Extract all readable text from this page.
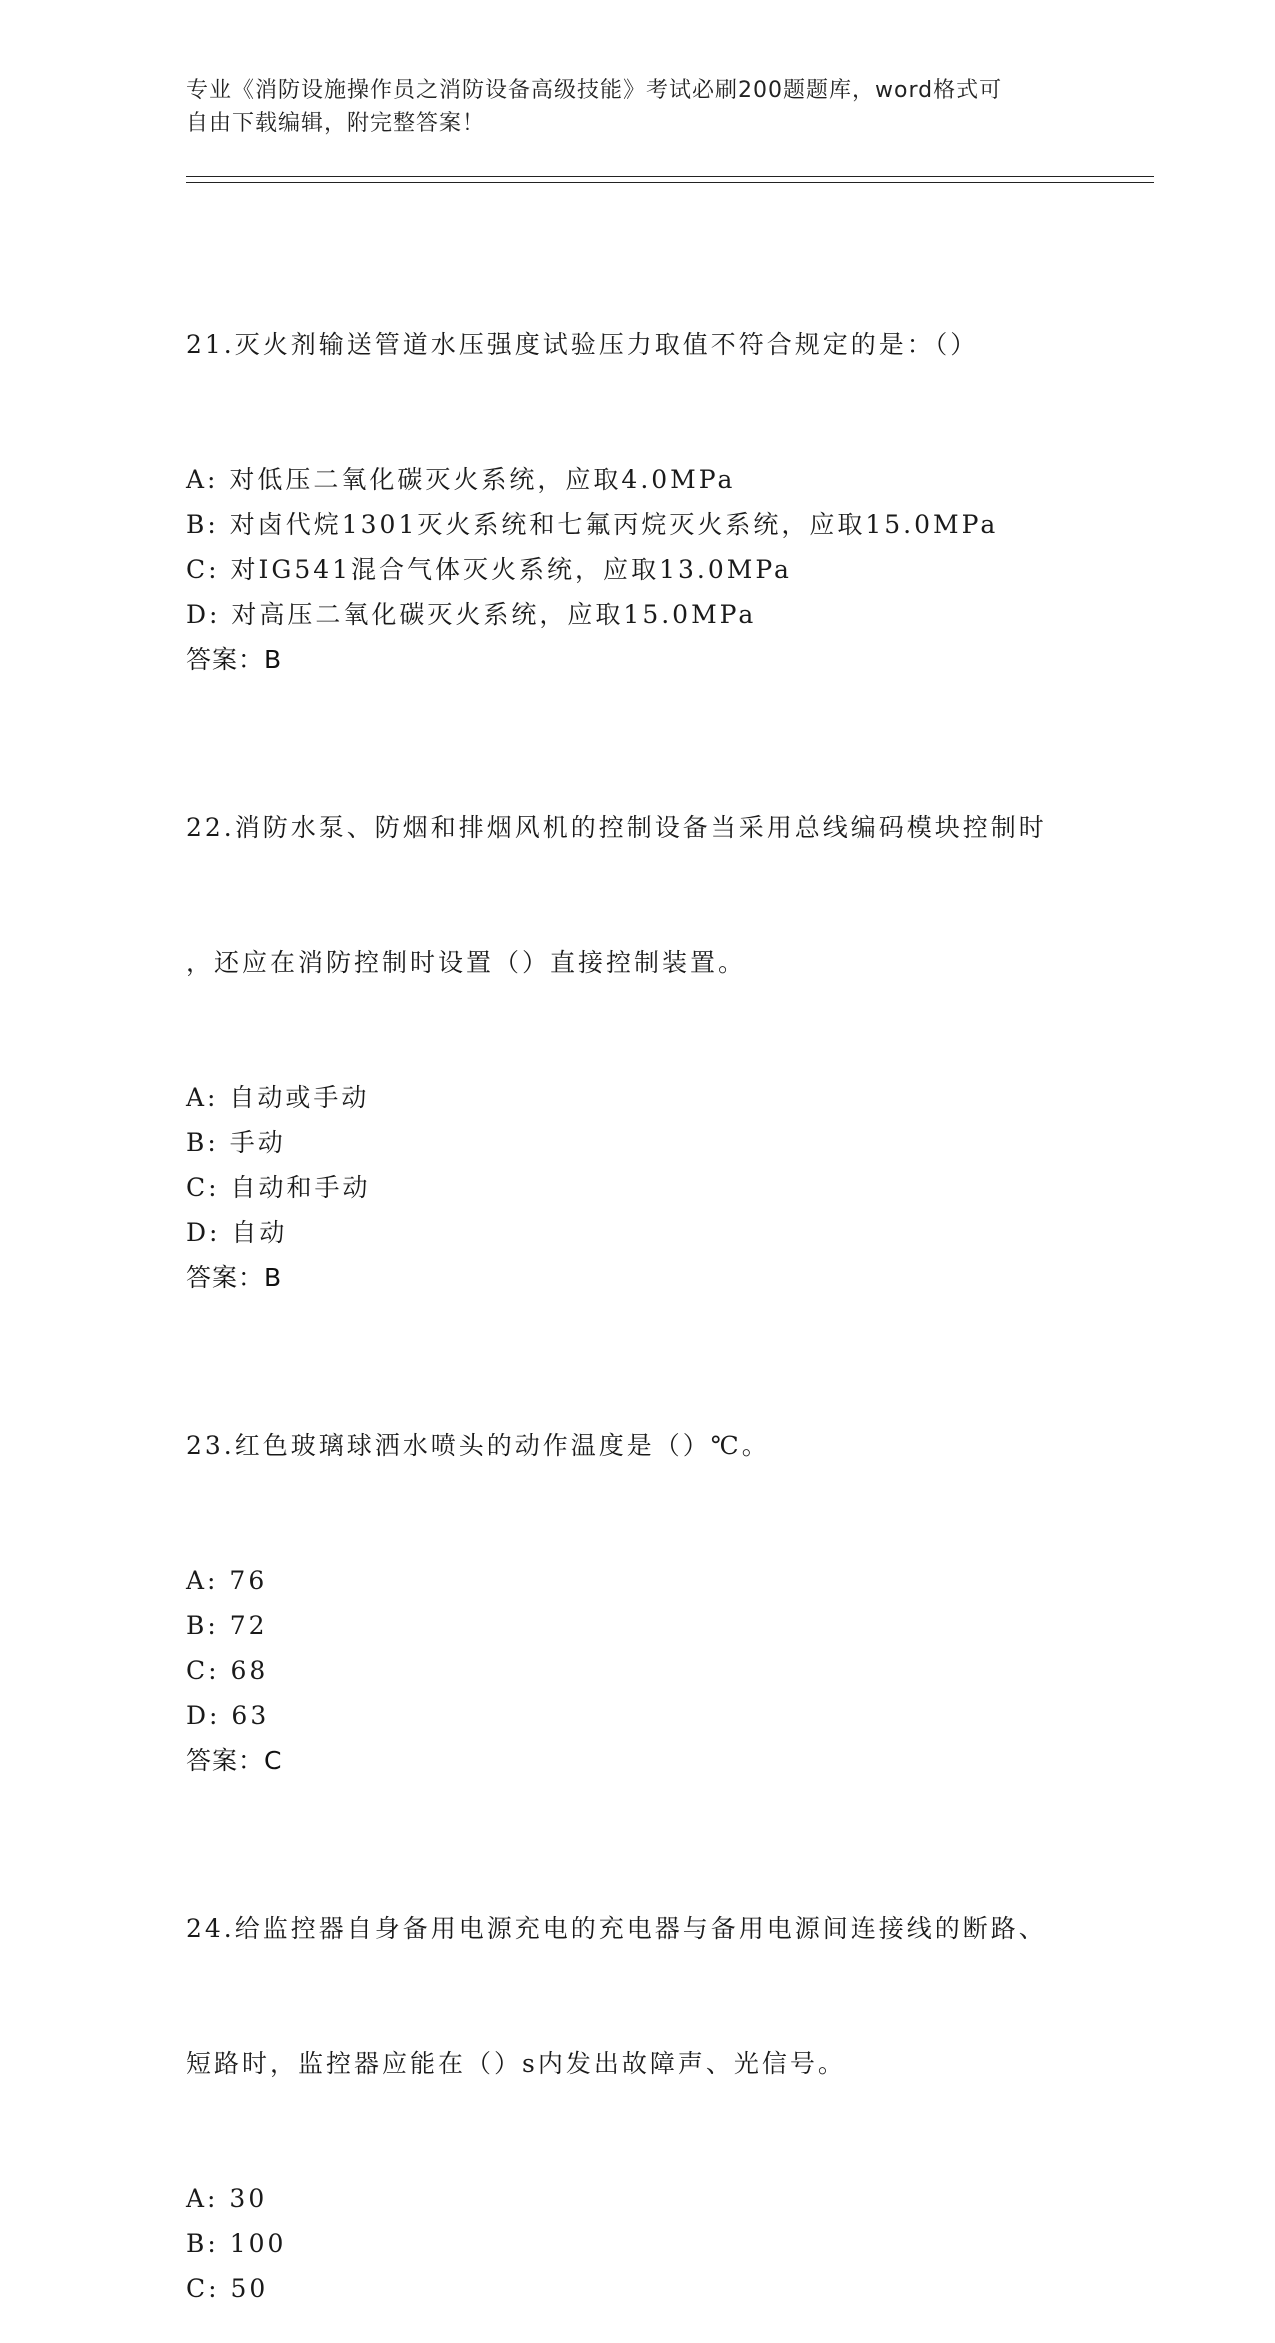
专业《消防设施操作员之消防设备高级技能》考试必刷200题题库，word格式可
自由下载编辑，附完整答案！

21.灭火剂输送管道水压强度试验压力取值不符合规定的是：（）

A: 对低压二氧化碳灭火系统，应取4.0MPa
B: 对卤代烷1301灭火系统和七氟丙烷灭火系统，应取15.0MPa
C: 对IG541混合气体灭火系统，应取13.0MPa
D: 对高压二氧化碳灭火系统，应取15.0MPa
答案：B

22.消防水泵、防烟和排烟风机的控制设备当采用总线编码模块控制时

，还应在消防控制时设置（）直接控制装置。

A: 自动或手动
B: 手动
C: 自动和手动
D: 自动
答案：B

23.红色玻璃球洒水喷头的动作温度是（）℃。

A: 76
B: 72
C: 68
D: 63
答案：C

24.给监控器自身备用电源充电的充电器与备用电源间连接线的断路、

短路时，监控器应能在（）s内发出故障声、光信号。

A: 30
B: 100
C: 50
